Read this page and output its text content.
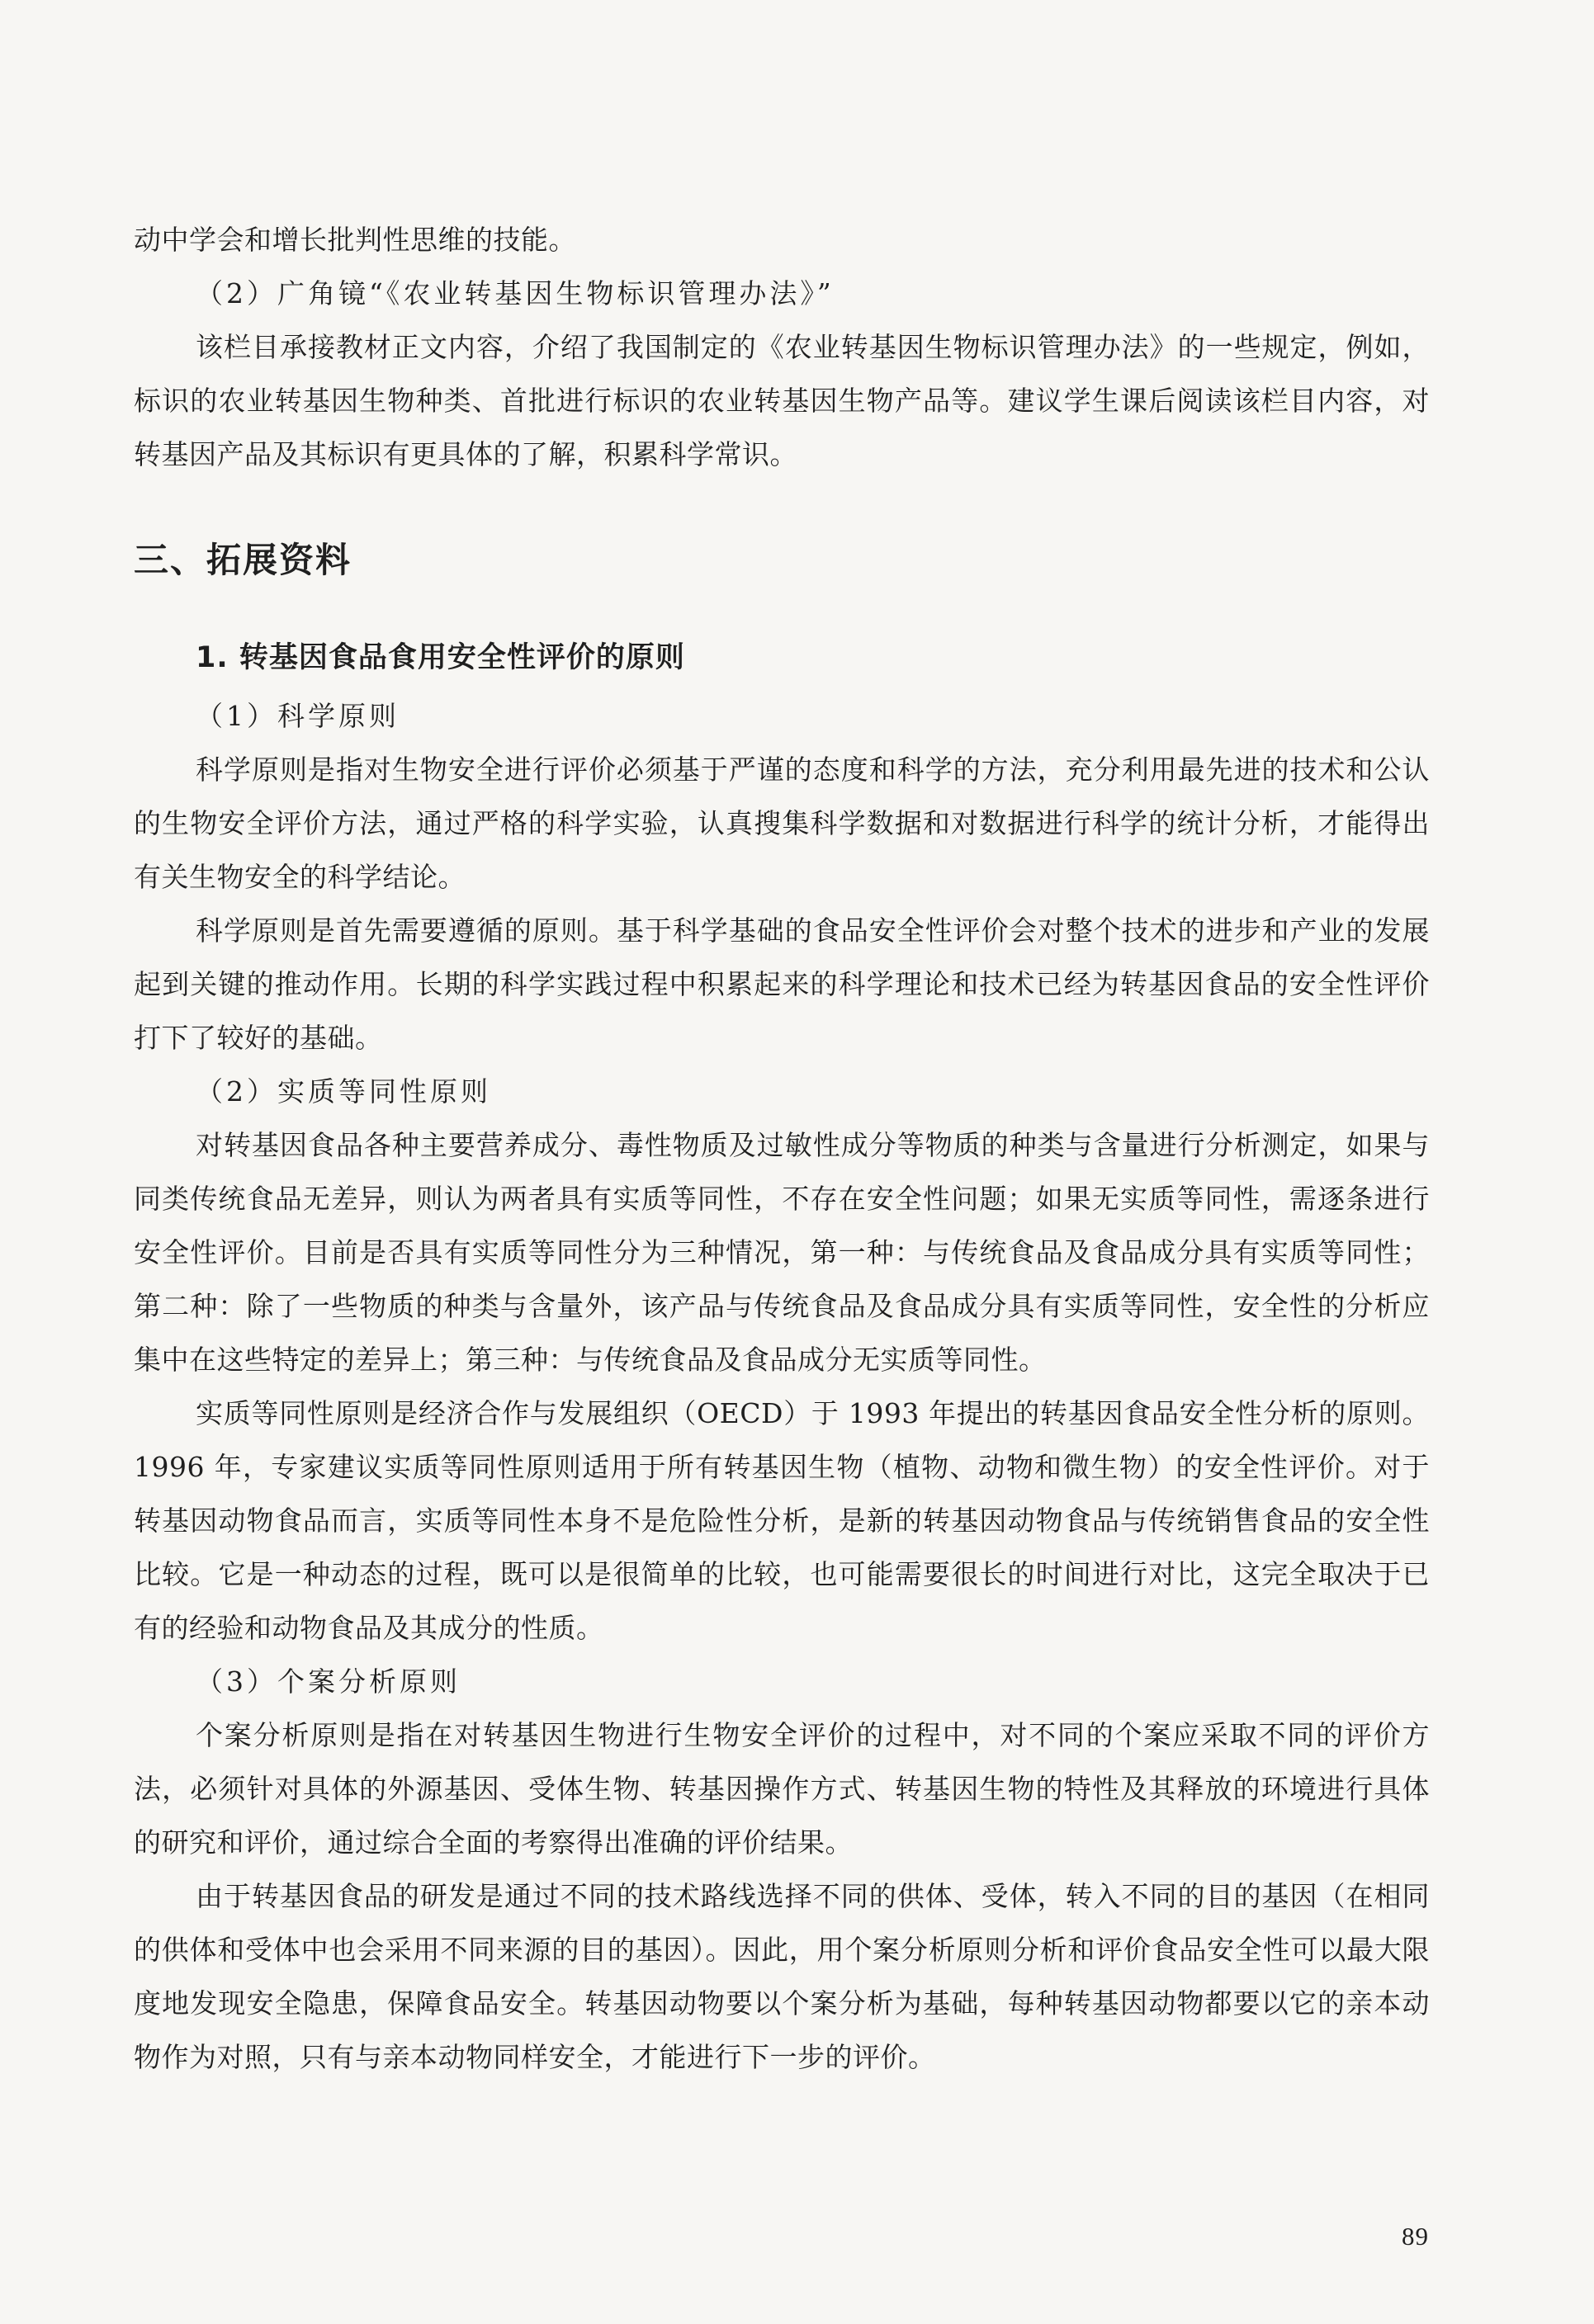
动中学会和增长批判性思维的技能。

（2）广角镜“《农业转基因生物标识管理办法》”

该栏目承接教材正文内容，介绍了我国制定的《农业转基因生物标识管理办法》的一些规定，例如，标识的农业转基因生物种类、首批进行标识的农业转基因生物产品等。建议学生课后阅读该栏目内容，对转基因产品及其标识有更具体的了解，积累科学常识。

三、拓展资料
1. 转基因食品食用安全性评价的原则

（1）科学原则

科学原则是指对生物安全进行评价必须基于严谨的态度和科学的方法，充分利用最先进的技术和公认的生物安全评价方法，通过严格的科学实验，认真搜集科学数据和对数据进行科学的统计分析，才能得出有关生物安全的科学结论。

科学原则是首先需要遵循的原则。基于科学基础的食品安全性评价会对整个技术的进步和产业的发展起到关键的推动作用。长期的科学实践过程中积累起来的科学理论和技术已经为转基因食品的安全性评价打下了较好的基础。

（2）实质等同性原则

对转基因食品各种主要营养成分、毒性物质及过敏性成分等物质的种类与含量进行分析测定，如果与同类传统食品无差异，则认为两者具有实质等同性，不存在安全性问题；如果无实质等同性，需逐条进行安全性评价。目前是否具有实质等同性分为三种情况，第一种：与传统食品及食品成分具有实质等同性；第二种：除了一些物质的种类与含量外，该产品与传统食品及食品成分具有实质等同性，安全性的分析应集中在这些特定的差异上；第三种：与传统食品及食品成分无实质等同性。

实质等同性原则是经济合作与发展组织（OECD）于 1993 年提出的转基因食品安全性分析的原则。1996 年，专家建议实质等同性原则适用于所有转基因生物（植物、动物和微生物）的安全性评价。对于转基因动物食品而言，实质等同性本身不是危险性分析，是新的转基因动物食品与传统销售食品的安全性比较。它是一种动态的过程，既可以是很简单的比较，也可能需要很长的时间进行对比，这完全取决于已有的经验和动物食品及其成分的性质。

（3）个案分析原则

个案分析原则是指在对转基因生物进行生物安全评价的过程中，对不同的个案应采取不同的评价方法，必须针对具体的外源基因、受体生物、转基因操作方式、转基因生物的特性及其释放的环境进行具体的研究和评价，通过综合全面的考察得出准确的评价结果。

由于转基因食品的研发是通过不同的技术路线选择不同的供体、受体，转入不同的目的基因（在相同的供体和受体中也会采用不同来源的目的基因）。因此，用个案分析原则分析和评价食品安全性可以最大限度地发现安全隐患，保障食品安全。转基因动物要以个案分析为基础，每种转基因动物都要以它的亲本动物作为对照，只有与亲本动物同样安全，才能进行下一步的评价。

89
